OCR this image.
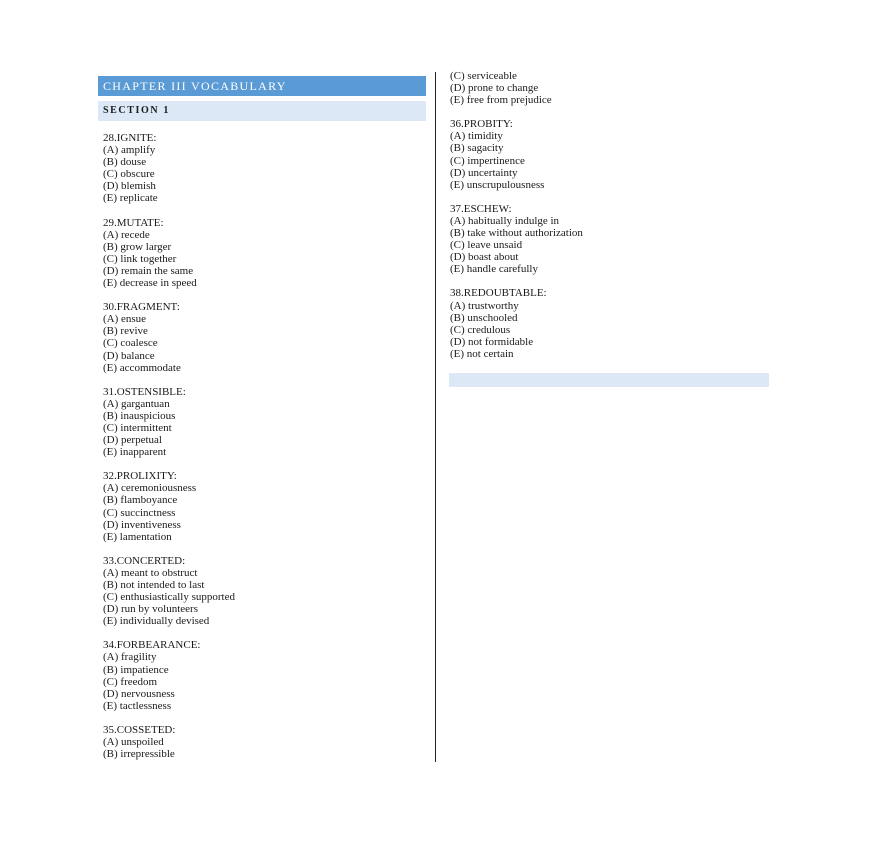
CHAPTER III VOCABULARY
SECTION 1
28.IGNITE:
(A) amplify
(B) douse
(C) obscure
(D) blemish
(E) replicate
29.MUTATE:
(A) recede
(B) grow larger
(C) link together
(D) remain the same
(E) decrease in speed
30.FRAGMENT:
(A) ensue
(B) revive
(C) coalesce
(D) balance
(E) accommodate
31.OSTENSIBLE:
(A) gargantuan
(B) inauspicious
(C) intermittent
(D) perpetual
(E) inapparent
32.PROLIXITY:
(A) ceremoniousness
(B) flamboyance
(C) succinctness
(D) inventiveness
(E) lamentation
33.CONCERTED:
(A) meant to obstruct
(B) not intended to last
(C) enthusiastically supported
(D) run by volunteers
(E) individually devised
34.FORBEARANCE:
(A) fragility
(B) impatience
(C) freedom
(D) nervousness
(E) tactlessness
35.COSSETED:
(A) unspoiled
(B) irrepressible
(C) serviceable
(D) prone to change
(E) free from prejudice
36.PROBITY:
(A) timidity
(B) sagacity
(C) impertinence
(D) uncertainty
(E) unscrupulousness
37.ESCHEW:
(A) habitually indulge in
(B) take without authorization
(C) leave unsaid
(D) boast about
(E) handle carefully
38.REDOUBTABLE:
(A) trustworthy
(B) unschooled
(C) credulous
(D) not formidable
(E) not certain
